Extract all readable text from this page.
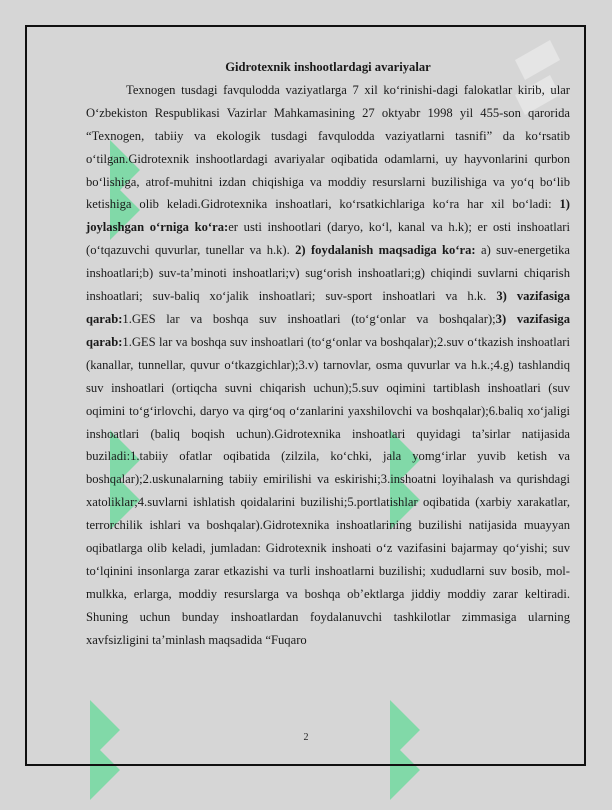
Gidrotexnik inshootlardagi avariyalar

Texnogen tusdagi favqulodda vaziyatlarga 7 xil ko‘rinishi-dagi falokatlar kirib, ular O‘zbekiston Respublikasi Vazirlar Mahkamasining 27 oktyabr 1998 yil 455-son qarorida “Texnogen, tabiiy va ekologik tusdagi favqulodda vaziyatlarni tasnifi” da ko‘rsatib o‘tilgan.Gidrotexnik inshootlardagi avariyalar oqibatida odamlarni, uy hayvonlarini qurbon bo‘lishiga, atrof-muhitni izdan chiqishiga va moddiy resurslarni buzilishiga va yo‘q bo‘lib ketishiga olib keladi.Gidrotexnika inshoatlari, ko‘rsatkichlariga ko‘ra har xil bo‘ladi: 1) joylashgan o‘rniga ko‘ra:er usti inshootlari (daryo, ko‘l, kanal va h.k); er osti inshoatlari (o‘tqazuvchi quvurlar, tunellar va h.k). 2) foydalanish maqsadiga ko‘ra: a) suv-energetika inshoatlari;b) suv-ta’minoti inshoatlari;v) sug‘orish inshoatlari;g) chiqindi suvlarni chiqarish inshoatlari; suv-baliq xo‘jalik inshoatlari; suv-sport inshoatlari va h.k. 3) vazifasiga qarab:1.GES lar va boshqa suv inshoatlari (to‘g‘onlar va boshqalar);3) vazifasiga qarab:1.GES lar va boshqa suv inshoatlari (to‘g‘onlar va boshqalar);2.suv o‘tkazish inshoatlari (kanallar, tunnellar, quvur o‘tkazgichlar);3.v) tarnovlar, osma quvurlar va h.k.;4.g) tashlandiq suv inshoatlari (ortiqcha suvni chiqarish uchun);5.suv oqimini tartiblash inshoatlari (suv oqimini to‘g‘irlovchi, daryo va qirg‘oq o‘zanlarini yaxshilovchi va boshqalar);6.baliq xo‘jaligi inshoatlari (baliq boqish uchun).Gidrotexnika inshoatlari quyidagi ta’sirlar natijasida buziladi:1.tabiiy ofatlar oqibatida (zilzila, ko‘chki, jala yomg‘irlar yuvib ketish va boshqalar);2.uskunalarning tabiiy emirilishi va eskirishi;3.inshoatni loyihalash va qurishdagi xatoliklar;4.suvlarni ishlatish qoidalarini buzilishi;5.portlatishlar oqibatida (xarbiy xarakatlar, terrorchilik ishlari va boshqalar).Gidrotexnika inshoatlarining buzilishi natijasida muayyan oqibatlarga olib keladi, jumladan: Gidrotexnik inshoati o‘z vazifasini bajarmay qo‘yishi; suv to‘lqinini insonlarga zarar etkazishi va turli inshoatlarni buzilishi; xududlarni suv bosib, mol-mulkka, erlarga, moddiy resurslarga va boshqa ob’ektlarga jiddiy moddiy zarar keltiradi. Shuning uchun bunday inshoatlardan foydalanuvchi tashkilotlar zimmasiga ularning xavfsizligini ta’minlash maqsadida “Fuqaro

2
